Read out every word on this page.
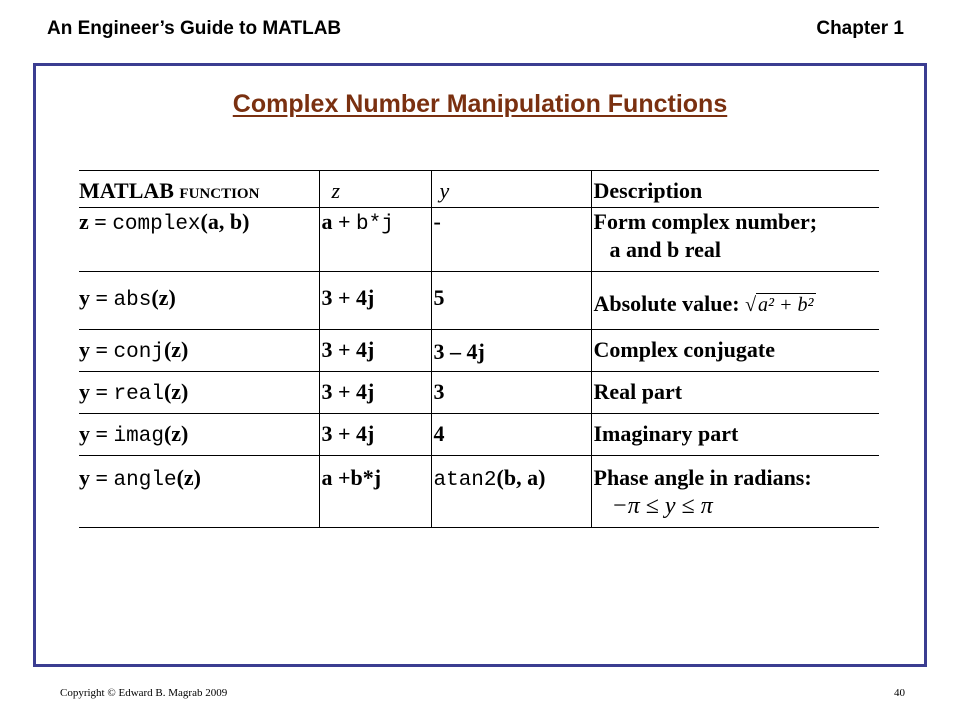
An Engineer’s Guide to MATLAB	Chapter 1
Complex Number Manipulation Functions
MATLAB function	z	y	Description
z = complex(a, b)	a + b*j	-	Form complex number;
a and b real

y = abs(z)	3 + 4j	5	Absolute value: √ a² + b²
y = conj(z)	3 + 4j	3 – 4j	Complex conjugate
y = real(z)	3 + 4j	3	Real part
y = imag(z)	3 + 4j	4	Imaginary part
y = angle(z)	a +b*j	atan2(b, a)	Phase angle in radians:
−π ≤ y ≤ π
Copyright © Edward B. Magrab 2009	40
